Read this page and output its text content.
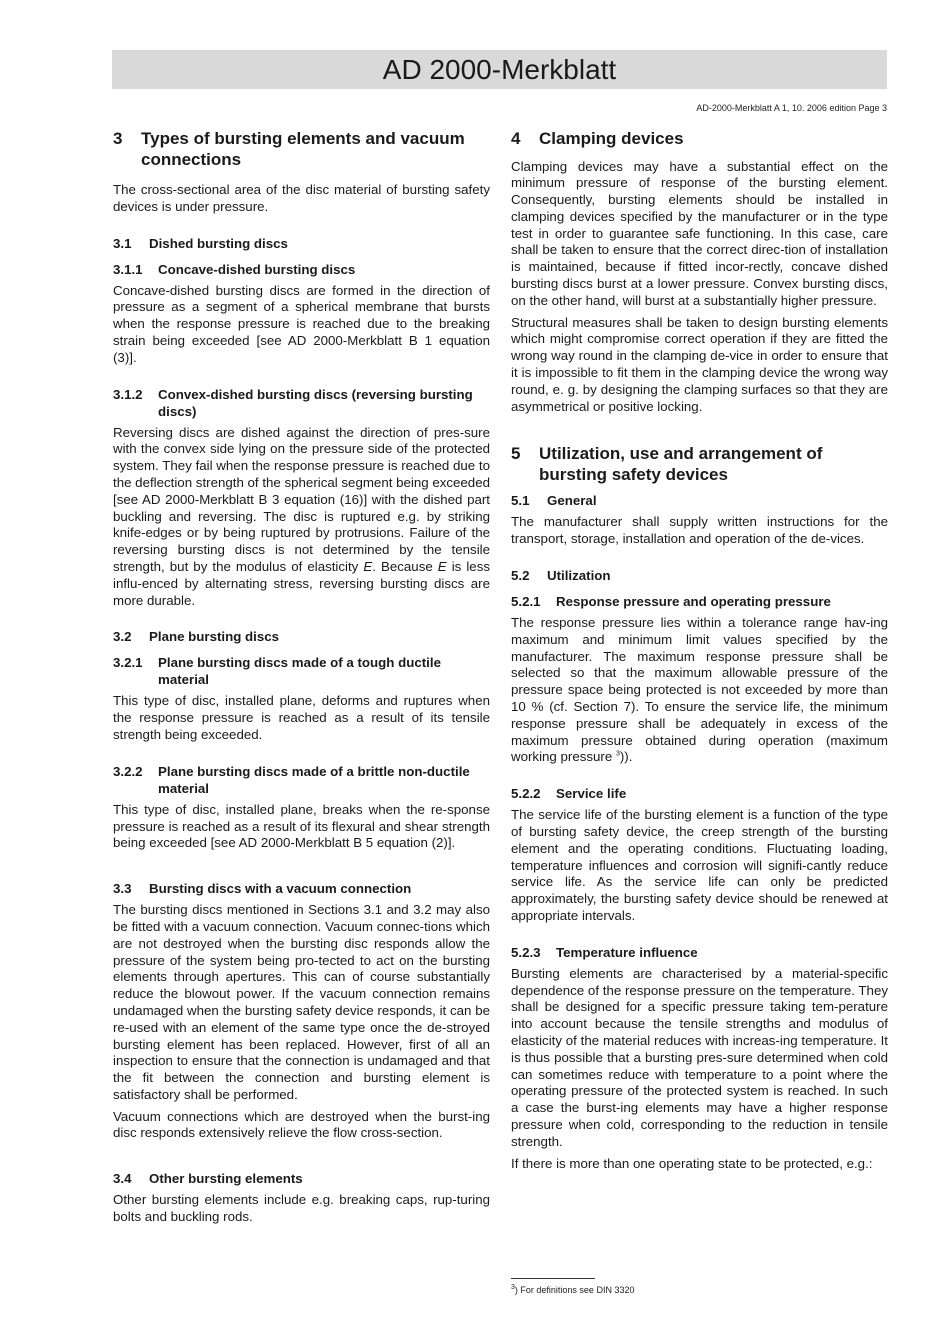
AD 2000-Merkblatt
AD-2000-Merkblatt A 1, 10. 2006 edition Page 3
3	Types of bursting elements and vacuum connections

The cross-sectional area of the disc material of bursting safety devices is under pressure.

3.1	Dished bursting discs
3.1.1	Concave-dished bursting discs

Concave-dished bursting discs are formed in the direction of pressure as a segment of a spherical membrane that bursts when the response pressure is reached due to the breaking strain being exceeded [see AD 2000-Merkblatt B 1 equation (3)].

3.1.2	Convex-dished bursting discs (reversing bursting discs)

Reversing discs are dished against the direction of pres-sure with the convex side lying on the pressure side of the protected system. They fail when the response pressure is reached due to the deflection strength of the spherical segment being exceeded [see AD 2000-Merkblatt B 3 equation (16)] with the dished part buckling and reversing. The disc is ruptured e.g. by striking knife-edges or by being ruptured by protrusions. Failure of the reversing bursting discs is not determined by the tensile strength, but by the modulus of elasticity E. Because E is less influ-enced by alternating stress, reversing bursting discs are more durable.

3.2	Plane bursting discs
3.2.1	Plane bursting discs made of a tough ductile material

This type of disc, installed plane, deforms and ruptures when the response pressure is reached as a result of its tensile strength being exceeded.

3.2.2	Plane bursting discs made of a brittle non-ductile material

This type of disc, installed plane, breaks when the re-sponse pressure is reached as a result of its flexural and shear strength being exceeded [see AD 2000-Merkblatt B 5 equation (2)].

3.3	Bursting discs with a vacuum connection

The bursting discs mentioned in Sections 3.1 and 3.2 may also be fitted with a vacuum connection. Vacuum connec-tions which are not destroyed when the bursting disc responds allow the pressure of the system being pro-tected to act on the bursting elements through apertures. This can of course substantially reduce the blowout power. If the vacuum connection remains undamaged when the bursting safety device responds, it can be re-used with an element of the same type once the de-stroyed bursting element has been replaced. However, first of all an inspection to ensure that the connection is undamaged and that the fit between the connection and bursting element is satisfactory shall be performed.

Vacuum connections which are destroyed when the burst-ing disc responds extensively relieve the flow cross-section.

3.4	Other bursting elements

Other bursting elements include e.g. breaking caps, rup-turing bolts and buckling rods.

4	Clamping devices

Clamping devices may have a substantial effect on the minimum pressure of response of the bursting element. Consequently, bursting elements should be installed in clamping devices specified by the manufacturer or in the type test in order to guarantee safe functioning. In this case, care shall be taken to ensure that the correct direc-tion of installation is maintained, because if fitted incor-rectly, concave dished bursting discs burst at a lower pressure. Convex bursting discs, on the other hand, will burst at a substantially higher pressure.

Structural measures shall be taken to design bursting elements which might compromise correct operation if they are fitted the wrong way round in the clamping de-vice in order to ensure that it is impossible to fit them in the clamping device the wrong way round, e. g. by designing the clamping surfaces so that they are asymmetrical or positive locking.

5	Utilization, use and arrangement of bursting safety devices
5.1	General

The manufacturer shall supply written instructions for the transport, storage, installation and operation of the de-vices.

5.2	Utilization
5.2.1	Response pressure and operating pressure

The response pressure lies within a tolerance range hav-ing maximum and minimum limit values specified by the manufacturer. The maximum response pressure shall be selected so that the maximum allowable pressure of the pressure space being protected is not exceeded by more than 10 % (cf. Section 7). To ensure the service life, the minimum response pressure shall be adequately in excess of the maximum pressure obtained during operation (maximum working pressure $^3$)).

5.2.2	Service life

The service life of the bursting element is a function of the type of bursting safety device, the creep strength of the bursting element and the operating conditions. Fluctuating loading, temperature influences and corrosion will signifi-cantly reduce service life. As the service life can only be predicted approximately, the bursting safety device should be renewed at appropriate intervals.

5.2.3	Temperature influence

Bursting elements are characterised by a material-specific dependence of the response pressure on the temperature. They shall be designed for a specific pressure taking tem-perature into account because the tensile strengths and modulus of elasticity of the material reduces with increas-ing temperature. It is thus possible that a bursting pres-sure determined when cold can sometimes reduce with temperature to a point where the operating pressure of the protected system is reached. In such a case the burst-ing elements may have a higher response pressure when cold, corresponding to the reduction in tensile strength.

If there is more than one operating state to be protected, e.g.:

$^3$) For definitions see DIN 3320
